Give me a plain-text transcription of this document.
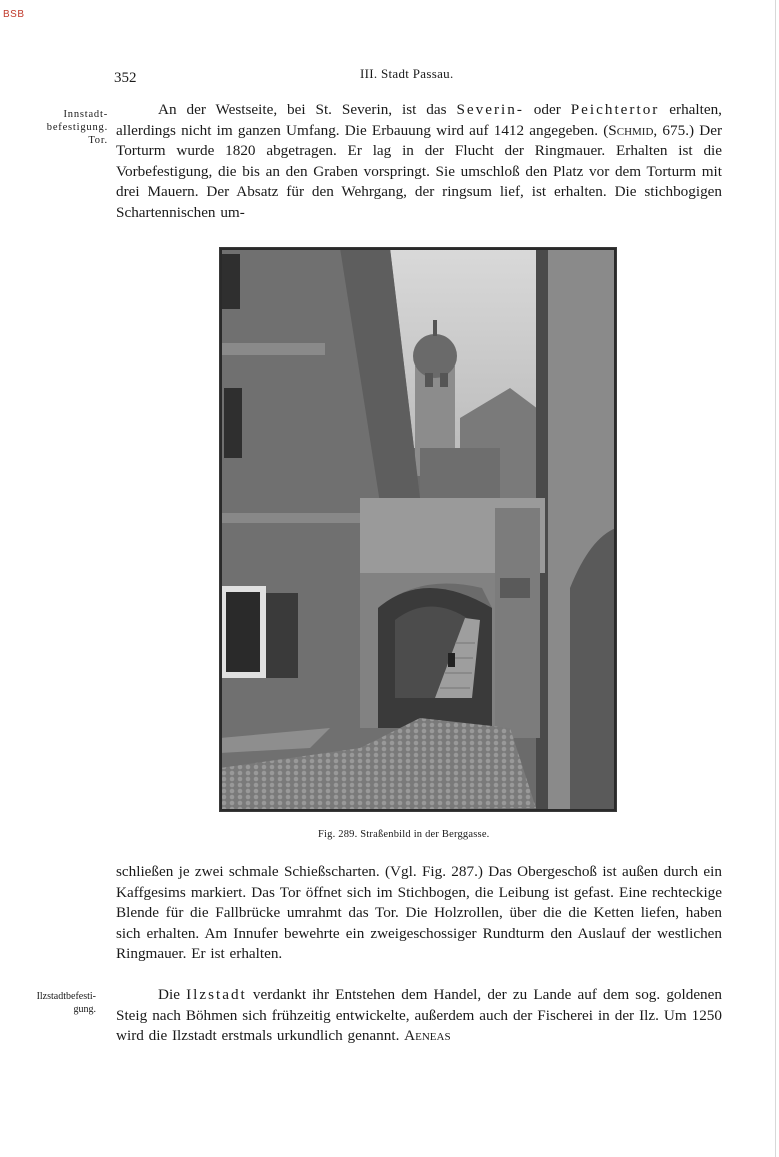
BSB
352	III. Stadt Passau.
Innstadt-
befestigung.
Tor.

An der Westseite, bei St. Severin, ist das Severin- oder Peichtertor erhalten, allerdings nicht im ganzen Umfang. Die Erbauung wird auf 1412 angegeben. (Schmid, 675.) Der Torturm wurde 1820 abgetragen. Er lag in der Flucht der Ringmauer. Erhalten ist die Vorbefestigung, die bis an den Graben vorspringt. Sie umschloß den Platz vor dem Torturm mit drei Mauern. Der Absatz für den Wehrgang, der ringsum lief, ist erhalten. Die stichbogigen Schartennischen um-

Fig. 289. Straßenbild in der Berggasse.

schließen je zwei schmale Schießscharten. (Vgl. Fig. 287.) Das Obergeschoß ist außen durch ein Kaffgesims markiert. Das Tor öffnet sich im Stichbogen, die Leibung ist gefast. Eine rechteckige Blende für die Fallbrücke umrahmt das Tor. Die Holzrollen, über die die Ketten liefen, haben sich erhalten. Am Innufer bewehrte ein zweigeschossiger Rundturm den Auslauf der westlichen Ringmauer. Er ist erhalten.

Ilzstadtbefesti-
gung.

Die Ilzstadt verdankt ihr Entstehen dem Handel, der zu Lande auf dem sog. goldenen Steig nach Böhmen sich frühzeitig entwickelte, außerdem auch der Fischerei in der Ilz. Um 1250 wird die Ilzstadt erstmals urkundlich genannt. Aeneas
